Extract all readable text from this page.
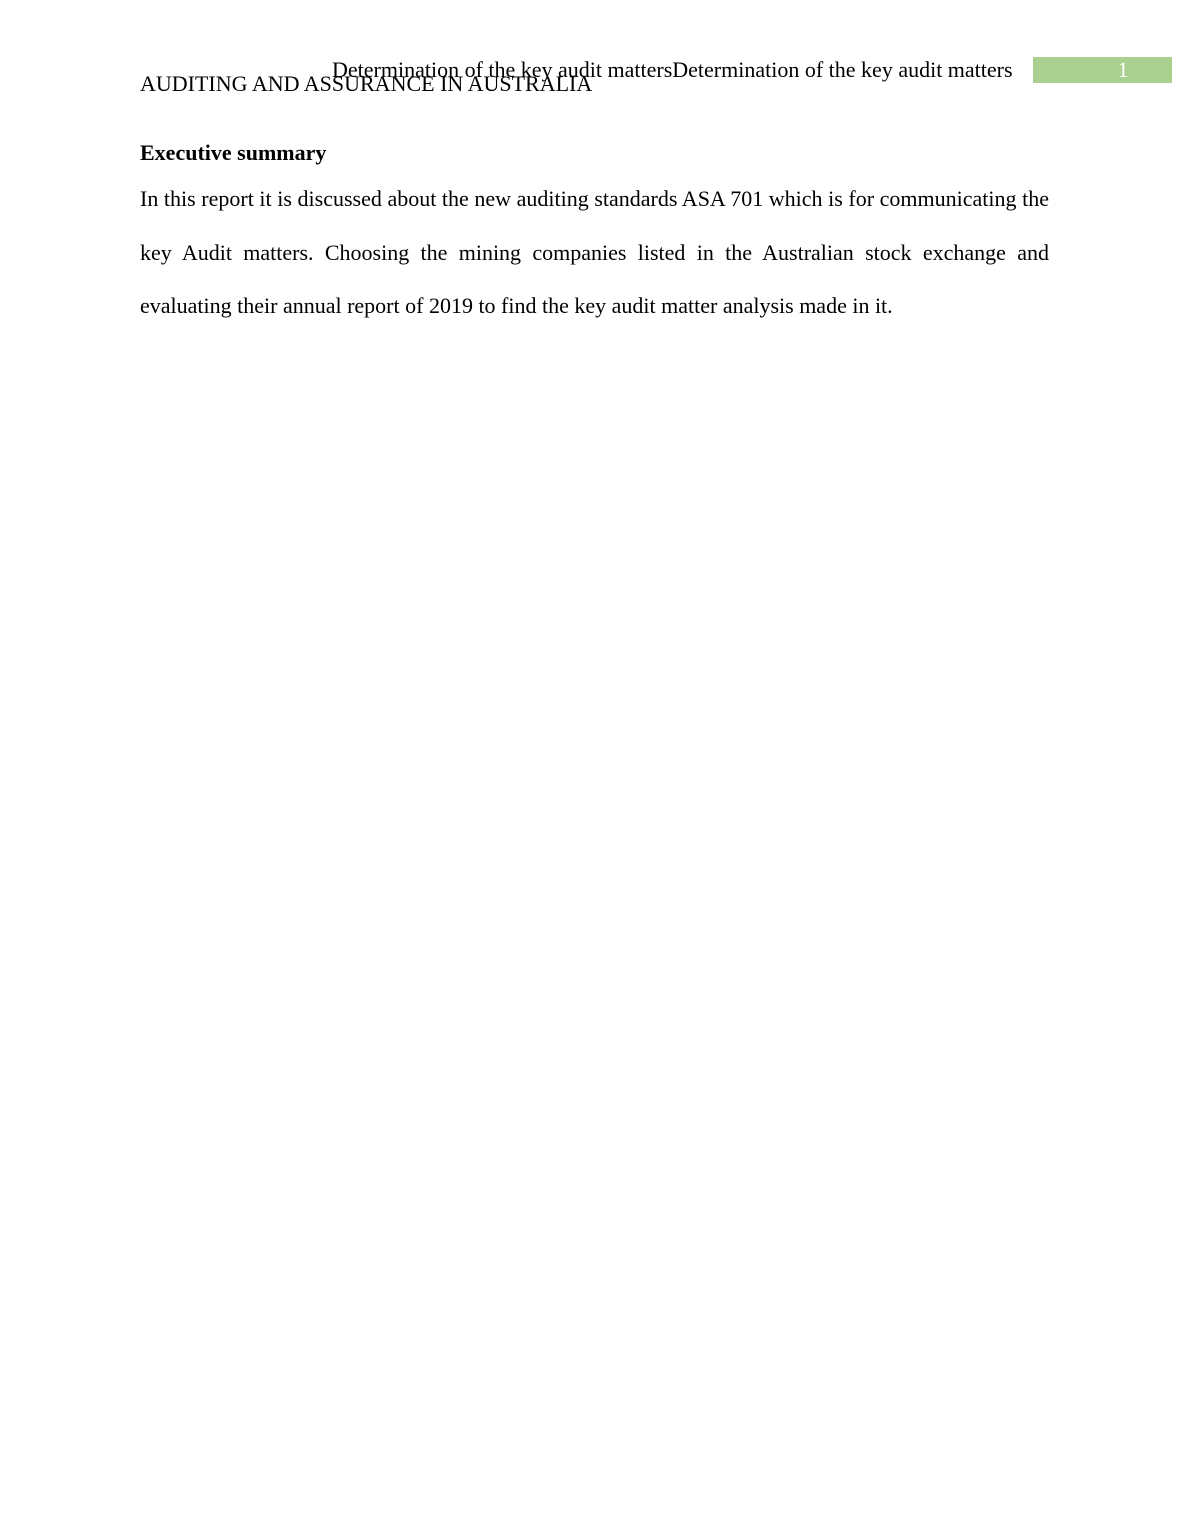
1
Determination of the key audit mattersDetermination of the key audit matters
AUDITING AND ASSURANCE IN AUSTRALIA
Executive summary

In this report it is discussed about the new auditing standards ASA 701 which is for communicating the key Audit matters. Choosing the mining companies listed in the Australian stock exchange and evaluating their annual report of 2019 to find the key audit matter analysis made in it.
